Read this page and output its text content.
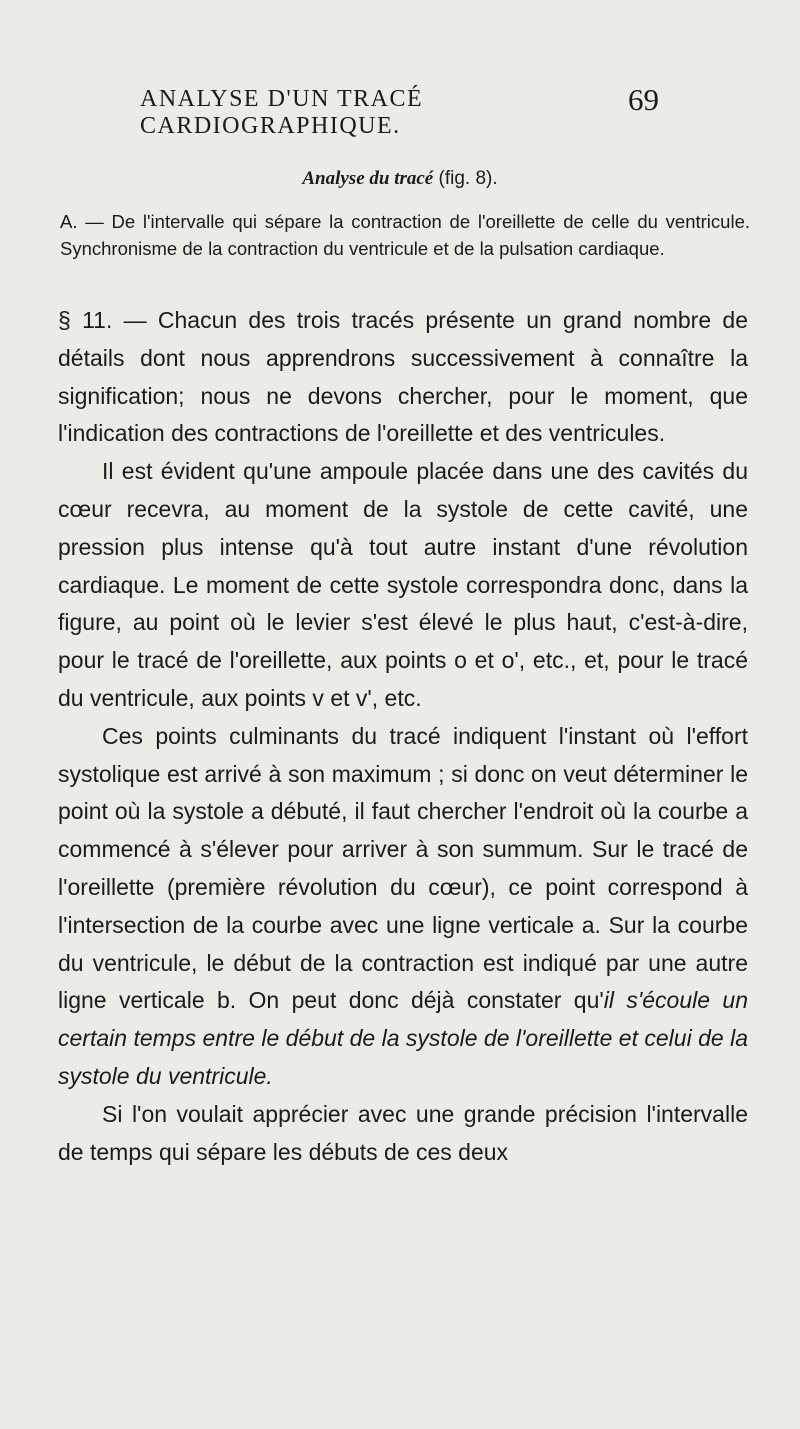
ANALYSE D'UN TRACÉ CARDIOGRAPHIQUE.
69
Analyse du tracé (fig. 8).
A. — De l'intervalle qui sépare la contraction de l'oreillette de celle du ventricule. Synchronisme de la contraction du ventricule et de la pulsation cardiaque.

§ 11. — Chacun des trois tracés présente un grand nombre de détails dont nous apprendrons successivement à connaître la signification; nous ne devons chercher, pour le moment, que l'indication des contractions de l'oreillette et des ventricules.

Il est évident qu'une ampoule placée dans une des cavités du cœur recevra, au moment de la systole de cette cavité, une pression plus intense qu'à tout autre instant d'une révolution cardiaque. Le moment de cette systole correspondra donc, dans la figure, au point où le levier s'est élevé le plus haut, c'est-à-dire, pour le tracé de l'oreillette, aux points o et o', etc., et, pour le tracé du ventricule, aux points v et v', etc.

Ces points culminants du tracé indiquent l'instant où l'effort systolique est arrivé à son maximum ; si donc on veut déterminer le point où la systole a débuté, il faut chercher l'endroit où la courbe a commencé à s'élever pour arriver à son summum. Sur le tracé de l'oreillette (première révolution du cœur), ce point correspond à l'intersection de la courbe avec une ligne verticale a. Sur la courbe du ventricule, le début de la contraction est indiqué par une autre ligne verticale b. On peut donc déjà constater qu'il s'écoule un certain temps entre le début de la systole de l'oreillette et celui de la systole du ventricule.

Si l'on voulait apprécier avec une grande précision l'intervalle de temps qui sépare les débuts de ces deux
